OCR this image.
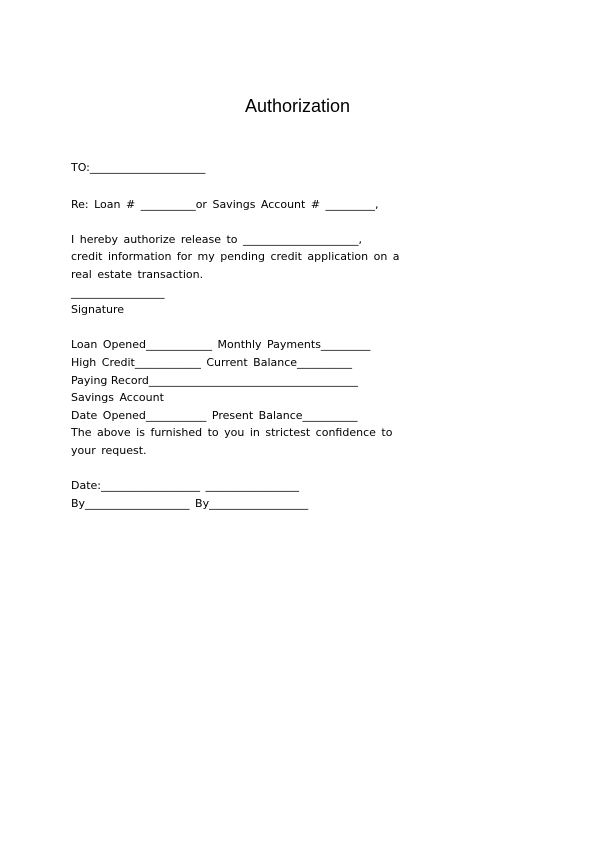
Authorization
TO:_____________________
Re: Loan # __________or Savings Account # _________,
I hereby authorize release to _____________________,
credit information for my pending credit application on a
real estate transaction.
_________________
Signature
Loan Opened____________ Monthly Payments_________
High Credit____________ Current Balance__________
Paying Record______________________________________
Savings Account
Date Opened___________ Present Balance__________
The above is furnished to you in strictest confidence to
your request.
Date:__________________ _________________
By___________________ By__________________
